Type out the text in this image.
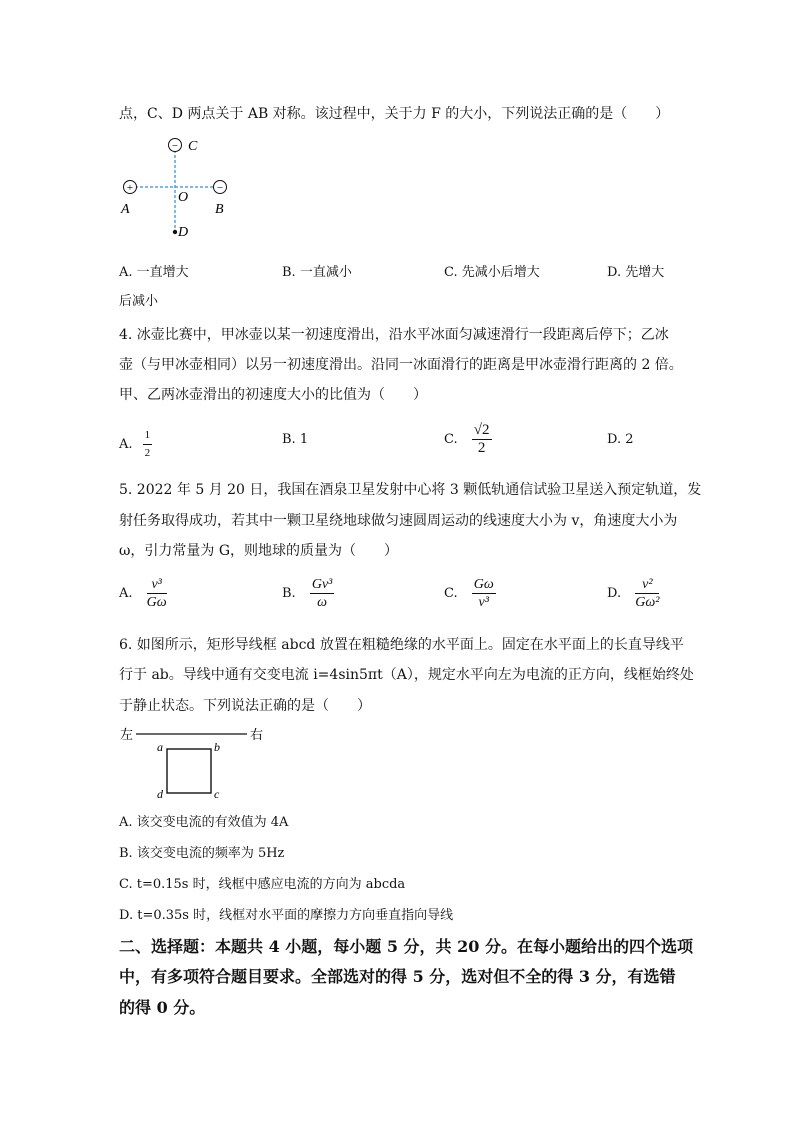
点，C、D 两点关于 AB 对称。该过程中，关于力 F 的大小，下列说法正确的是（　　）
− C
+	−
O
A	B
D
A. 一直增大	B. 一直减小	C. 先减小后增大	D. 先增大
后减小
4. 冰壶比赛中，甲冰壶以某一初速度滑出，沿水平冰面匀减速滑行一段距离后停下；乙冰
壶（与甲冰壶相同）以另一初速度滑出。沿同一冰面滑行的距离是甲冰壶滑行距离的 2 倍。
甲、乙两冰壶滑出的初速度大小的比值为（　　）
A. $\frac{1}{2}$	B. 1	C. $\frac{√2}{2}$	D. 2
5. 2022 年 5 月 20 日，我国在酒泉卫星发射中心将 3 颗低轨通信试验卫星送入预定轨道，发
射任务取得成功，若其中一颗卫星绕地球做匀速圆周运动的线速度大小为 v，角速度大小为
ω，引力常量为 G，则地球的质量为（　　）
A. $\frac{\text{v³}}{G\omega}$	B. $\frac{\text{Gv³}}{\omega}$	C. $\frac{G\omega}{\text{v³}}$	D. $\frac{\text{v²}}{\text{Gω²}}$
6. 如图所示，矩形导线框 abcd 放置在粗糙绝缘的水平面上。固定在水平面上的长直导线平
行于 ab。导线中通有交变电流 i=4sin5πt（A），规定水平向左为电流的正方向，线框始终处
于静止状态。下列说法正确的是（　　）
左	右
a	b
c
d
A. 该交变电流的有效值为 4A
B. 该交变电流的频率为 5Hz
C. t=0.15s 时，线框中感应电流的方向为 abcda
D. t=0.35s 时，线框对水平面的摩擦力方向垂直指向导线
二、选择题：本题共 4 小题，每小题 5 分，共 20 分。在每小题给出的四个选项
中，有多项符合题目要求。全部选对的得 5 分，选对但不全的得 3 分，有选错
的得 0 分。
